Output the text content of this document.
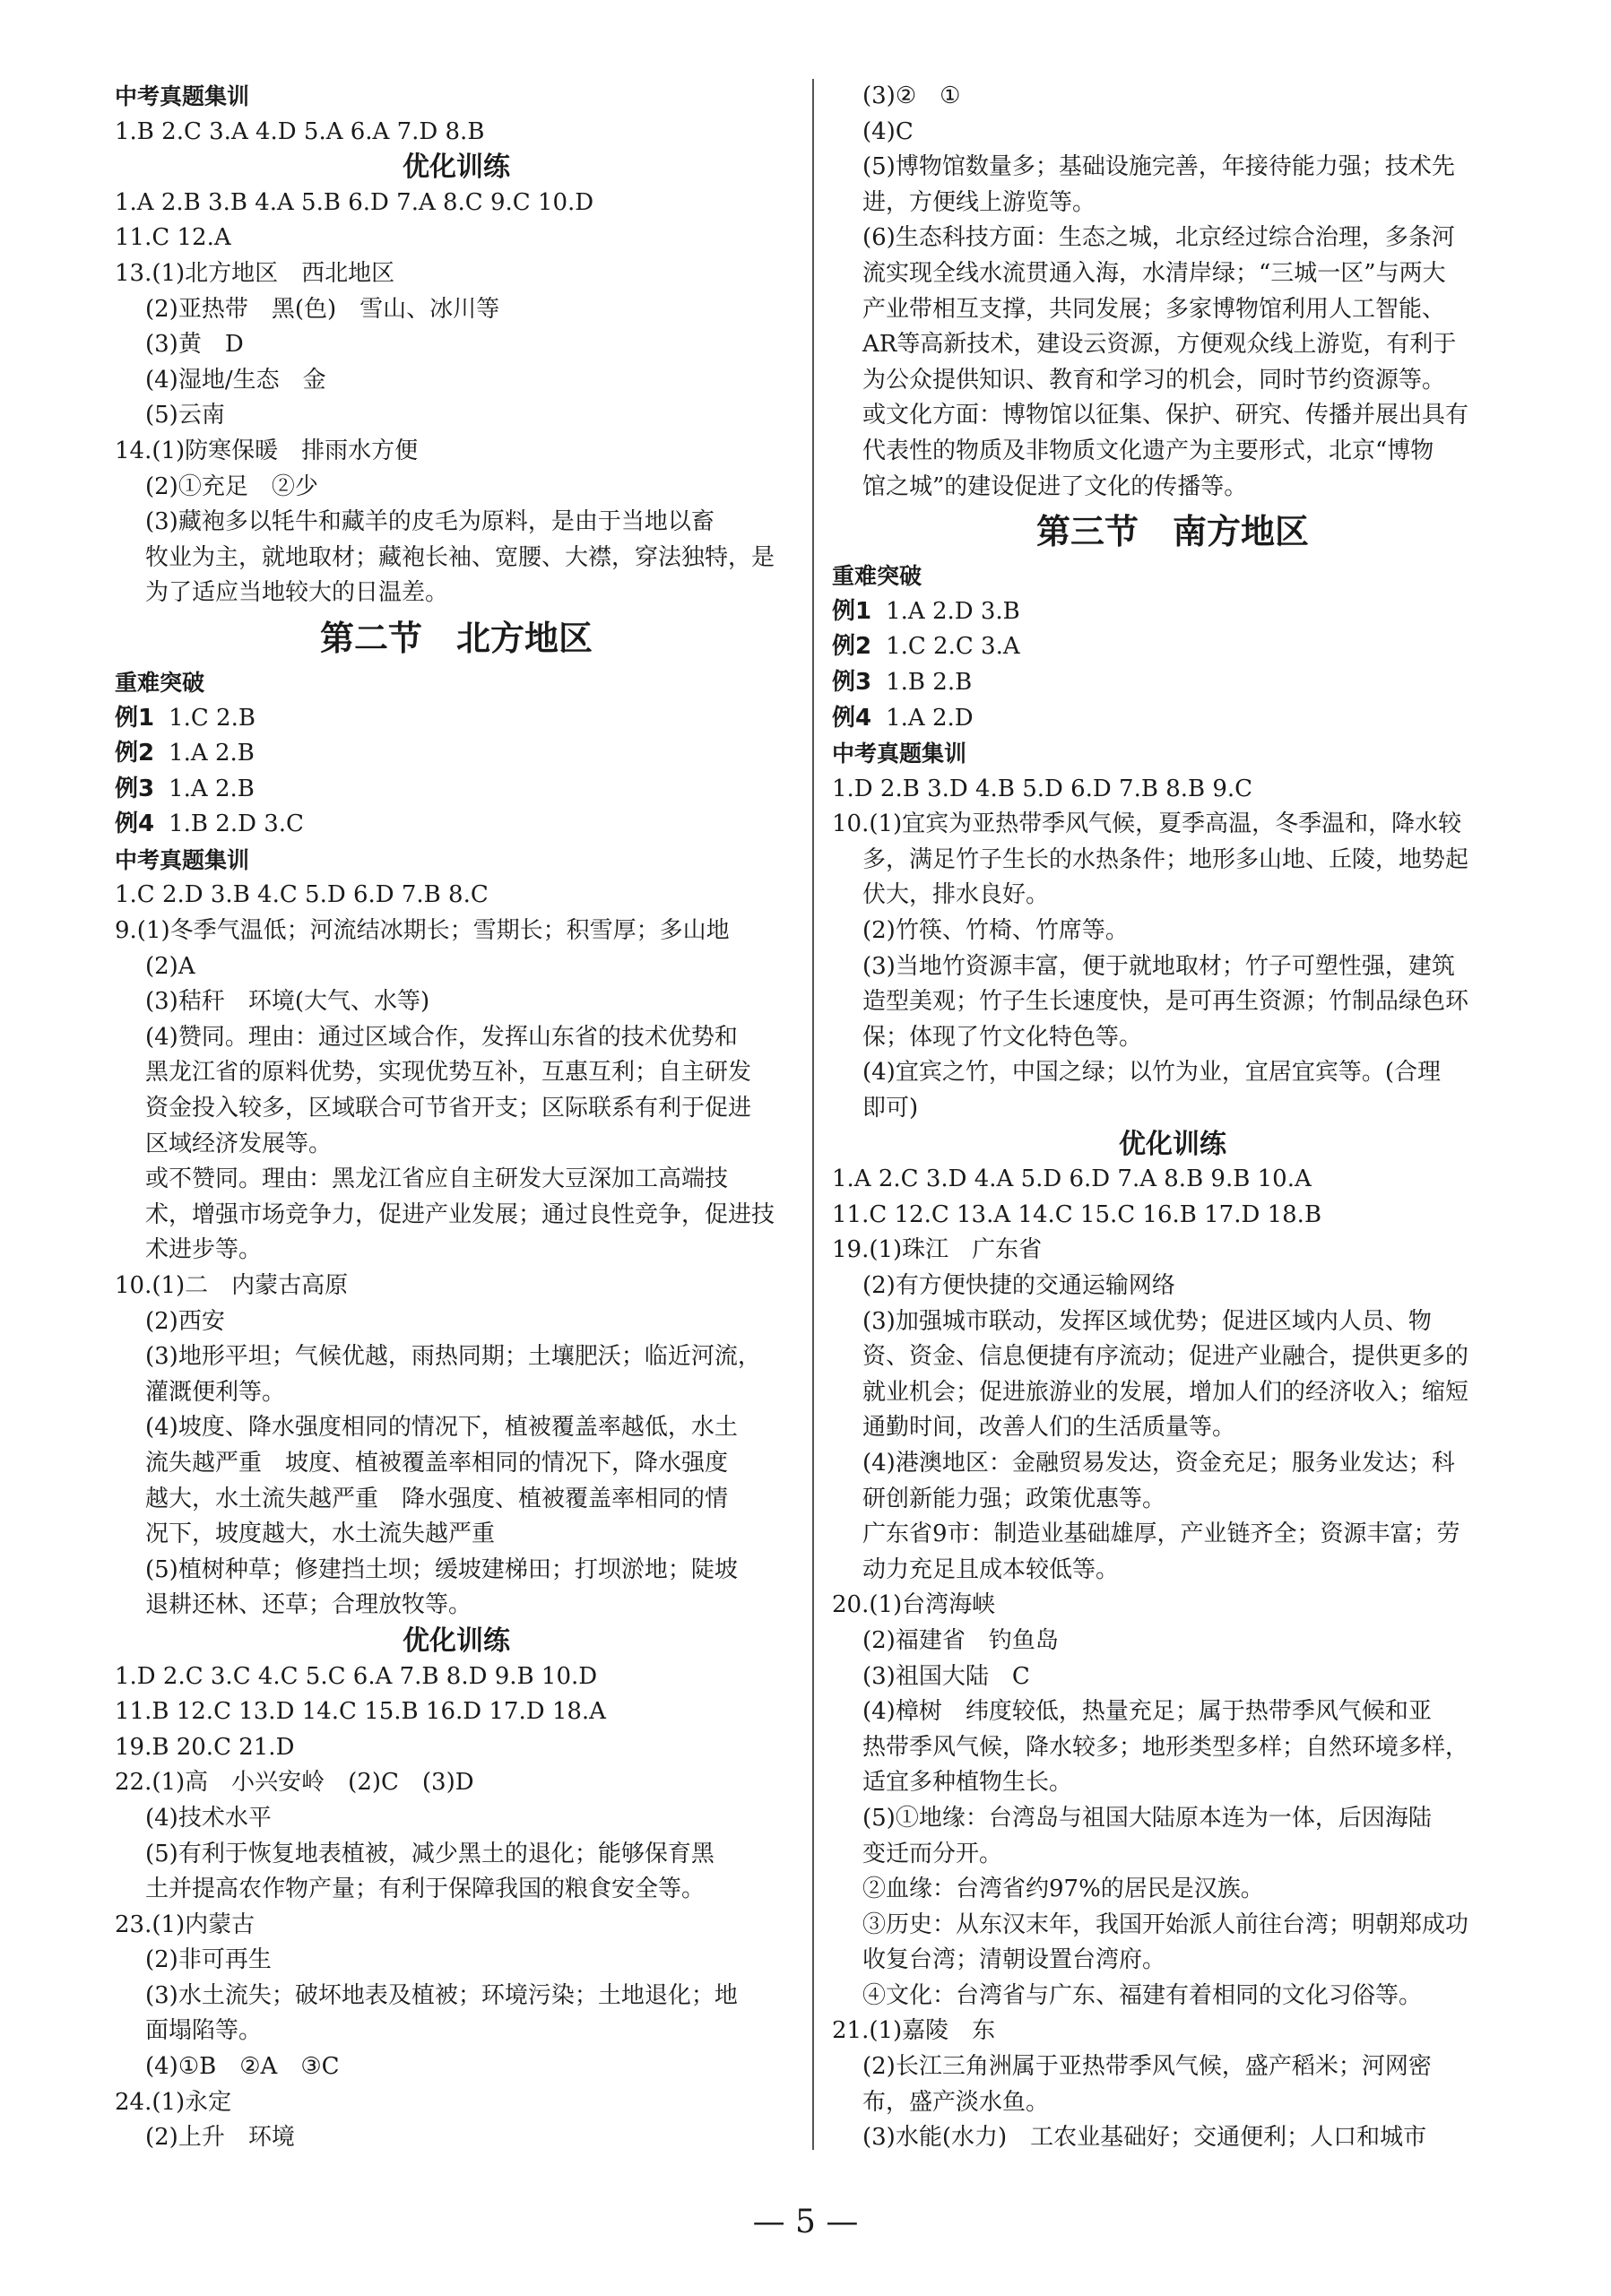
中考真题集训
1.B 2.C 3.A 4.D 5.A 6.A 7.D 8.B
优化训练
1.A 2.B 3.B 4.A 5.B 6.D 7.A 8.C 9.C 10.D
11.C 12.A
13.(1)北方地区　西北地区
(2)亚热带　黑(色)　雪山、冰川等
(3)黄　D
(4)湿地/生态　金
(5)云南
14.(1)防寒保暖　排雨水方便
(2)①充足　②少
(3)藏袍多以牦牛和藏羊的皮毛为原料，是由于当地以畜
牧业为主，就地取材；藏袍长袖、宽腰、大襟，穿法独特，是
为了适应当地较大的日温差。
第二节　北方地区
重难突破
例1 1.C 2.B
例2 1.A 2.B
例3 1.A 2.B
例4 1.B 2.D 3.C
中考真题集训
1.C 2.D 3.B 4.C 5.D 6.D 7.B 8.C
9.(1)冬季气温低；河流结冰期长；雪期长；积雪厚；多山地
(2)A
(3)秸秆　环境(大气、水等)
(4)赞同。理由：通过区域合作，发挥山东省的技术优势和
黑龙江省的原料优势，实现优势互补，互惠互利；自主研发
资金投入较多，区域联合可节省开支；区际联系有利于促进
区域经济发展等。
或不赞同。理由：黑龙江省应自主研发大豆深加工高端技
术，增强市场竞争力，促进产业发展；通过良性竞争，促进技
术进步等。
10.(1)二　内蒙古高原
(2)西安
(3)地形平坦；气候优越，雨热同期；土壤肥沃；临近河流，
灌溉便利等。
(4)坡度、降水强度相同的情况下，植被覆盖率越低，水土
流失越严重　坡度、植被覆盖率相同的情况下，降水强度
越大，水土流失越严重　降水强度、植被覆盖率相同的情
况下，坡度越大，水土流失越严重
(5)植树种草；修建挡土坝；缓坡建梯田；打坝淤地；陡坡
退耕还林、还草；合理放牧等。
优化训练
1.D 2.C 3.C 4.C 5.C 6.A 7.B 8.D 9.B 10.D
11.B 12.C 13.D 14.C 15.B 16.D 17.D 18.A
19.B 20.C 21.D
22.(1)高　小兴安岭　(2)C　(3)D
(4)技术水平
(5)有利于恢复地表植被，减少黑土的退化；能够保育黑
土并提高农作物产量；有利于保障我国的粮食安全等。
23.(1)内蒙古
(2)非可再生
(3)水土流失；破坏地表及植被；环境污染；土地退化；地
面塌陷等。
(4)①B　②A　③C
24.(1)永定
(2)上升　环境
(3)②　①
(4)C
(5)博物馆数量多；基础设施完善，年接待能力强；技术先
进，方便线上游览等。
(6)生态科技方面：生态之城，北京经过综合治理，多条河
流实现全线水流贯通入海，水清岸绿；“三城一区”与两大
产业带相互支撑，共同发展；多家博物馆利用人工智能、
AR等高新技术，建设云资源，方便观众线上游览，有利于
为公众提供知识、教育和学习的机会，同时节约资源等。
或文化方面：博物馆以征集、保护、研究、传播并展出具有
代表性的物质及非物质文化遗产为主要形式，北京“博物
馆之城”的建设促进了文化的传播等。
第三节　南方地区
重难突破
例1 1.A 2.D 3.B
例2 1.C 2.C 3.A
例3 1.B 2.B
例4 1.A 2.D
中考真题集训
1.D 2.B 3.D 4.B 5.D 6.D 7.B 8.B 9.C
10.(1)宜宾为亚热带季风气候，夏季高温，冬季温和，降水较
多，满足竹子生长的水热条件；地形多山地、丘陵，地势起
伏大，排水良好。
(2)竹筷、竹椅、竹席等。
(3)当地竹资源丰富，便于就地取材；竹子可塑性强，建筑
造型美观；竹子生长速度快，是可再生资源；竹制品绿色环
保；体现了竹文化特色等。
(4)宜宾之竹，中国之绿；以竹为业，宜居宜宾等。(合理
即可)
优化训练
1.A 2.C 3.D 4.A 5.D 6.D 7.A 8.B 9.B 10.A
11.C 12.C 13.A 14.C 15.C 16.B 17.D 18.B
19.(1)珠江　广东省
(2)有方便快捷的交通运输网络
(3)加强城市联动，发挥区域优势；促进区域内人员、物
资、资金、信息便捷有序流动；促进产业融合，提供更多的
就业机会；促进旅游业的发展，增加人们的经济收入；缩短
通勤时间，改善人们的生活质量等。
(4)港澳地区：金融贸易发达，资金充足；服务业发达；科
研创新能力强；政策优惠等。
广东省9市：制造业基础雄厚，产业链齐全；资源丰富；劳
动力充足且成本较低等。
20.(1)台湾海峡
(2)福建省　钓鱼岛
(3)祖国大陆　C
(4)樟树　纬度较低，热量充足；属于热带季风气候和亚
热带季风气候，降水较多；地形类型多样；自然环境多样，
适宜多种植物生长。
(5)①地缘：台湾岛与祖国大陆原本连为一体，后因海陆
变迁而分开。
②血缘：台湾省约97%的居民是汉族。
③历史：从东汉末年，我国开始派人前往台湾；明朝郑成功
收复台湾；清朝设置台湾府。
④文化：台湾省与广东、福建有着相同的文化习俗等。
21.(1)嘉陵　东
(2)长江三角洲属于亚热带季风气候，盛产稻米；河网密
布，盛产淡水鱼。
(3)水能(水力)　工农业基础好；交通便利；人口和城市
— 5 —
